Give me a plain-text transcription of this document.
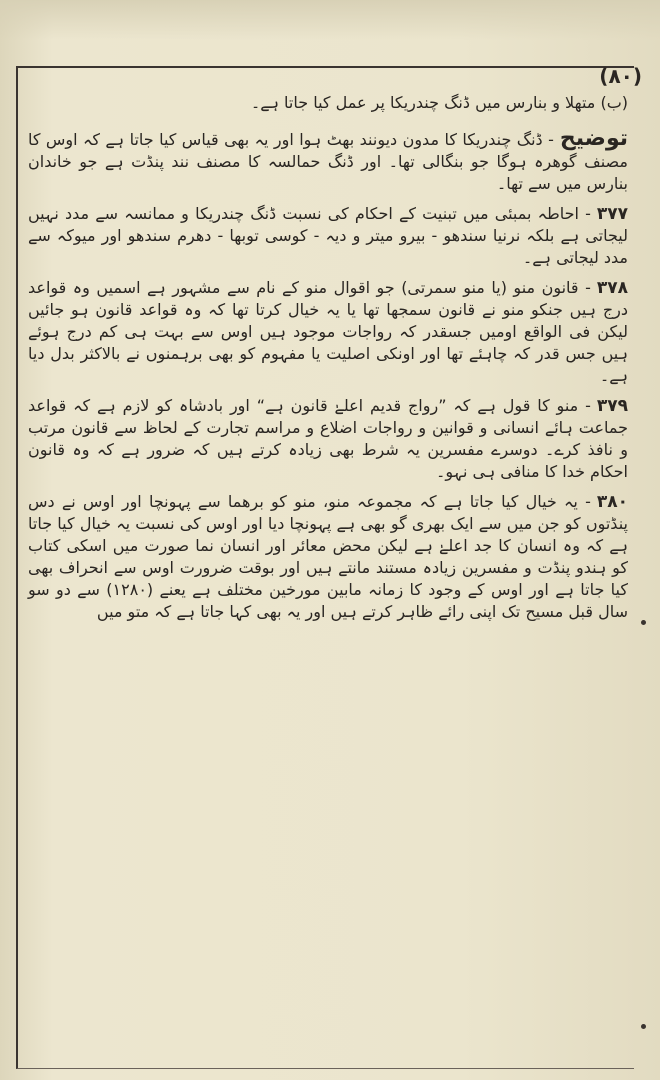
(۸۰)

(ب) متھلا و بنارس میں ڈنگ چندریکا پر عمل کیا جاتا ہے۔

توضیح- ڈنگ چندریکا کا مدون دیونند بھٹ ہوا اور یہ بھی قیاس کیا جاتا ہے کہ اوس کا مصنف گوھرہ ہوگا جو بنگالی تھا۔ اور ڈنگ حمالسہ کا مصنف نند پنڈت ہے جو خاندان بنارس میں سے تھا۔

۳۷۷- احاطہ بمبئی میں تبنیت کے احکام کی نسبت ڈنگ چندریکا و ممانسہ سے مدد نہیں لیجاتی ہے بلکہ نرنیا سندھو - بیرو میتر و دیہ - کوسی توبھا - دھرم سندھو اور میوکہ سے مدد لیجاتی ہے۔

۳۷۸- قانون منو (یا منو سمرتی) جو اقوال منو کے نام سے مشہور ہے اسمیں وہ قواعد درج ہیں جنکو منو نے قانون سمجھا تھا یا یہ خیال کرتا تھا کہ وہ قواعد قانون ہو جائیں لیکن فی الواقع اومیں جسقدر کہ رواجات موجود ہیں اوس سے بہت ہی کم درج ہوئے ہیں جس قدر کہ چاہئے تھا اور اونکی اصلیت یا مفہوم کو بھی برہمنوں نے بالاکثر بدل دیا ہے۔

۳۷۹- منو کا قول ہے کہ ”رواج قدیم اعلےٰ قانون ہے“ اور بادشاہ کو لازم ہے کہ قواعد جماعت ہائے انسانی و قوانین و رواجات اضلاع و مراسم تجارت کے لحاظ سے قانون مرتب و نافذ کرے۔ دوسرے مفسرین یہ شرط بھی زیادہ کرتے ہیں کہ ضرور ہے کہ وہ قانون احکام خدا کا منافی ہی نہو۔

۳۸۰- یہ خیال کیا جاتا ہے کہ مجموعہ منو، منو کو برھما سے پہونچا اور اوس نے دس پنڈتوں کو جن میں سے ایک بھری گو بھی ہے پہونچا دیا اور اوس کی نسبت یہ خیال کیا جاتا ہے کہ وہ انسان کا جد اعلےٰ ہے لیکن محض معائر اور انسان نما صورت میں اسکی کتاب کو ہندو پنڈت و مفسرین زیادہ مستند مانتے ہیں اور بوقت ضرورت اوس سے انحراف بھی کیا جاتا ہے اور اوس کے وجود کا زمانہ مابین مورخین مختلف ہے یعنے (۱۲۸۰) سے دو سو سال قبل مسیح تک اپنی رائے ظاہر کرتے ہیں اور یہ بھی کہا جاتا ہے کہ متو میں
